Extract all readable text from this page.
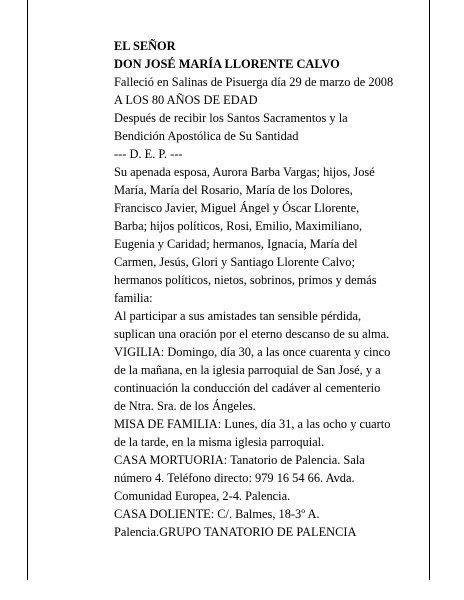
EL SEÑOR

DON JOSÉ MARÍA LLORENTE CALVO

Falleció en Salinas de Pisuerga día 29 de marzo de 2008

A LOS 80 AÑOS DE EDAD

Después de recibir los Santos Sacramentos y la

Bendición Apostólica de Su Santidad

--- D. E. P. ---

Su apenada esposa, Aurora Barba Vargas; hijos, José

María, María del Rosario, María de los Dolores,

Francisco Javier, Miguel Ángel y Óscar Llorente,

Barba; hijos políticos, Rosi, Emilio, Maximiliano,

Eugenia y Caridad; hermanos, Ignacia, María del

Carmen, Jesús, Glori y Santiago Llorente Calvo;

hermanos políticos, nietos, sobrinos, primos y demás

familia:

Al participar a sus amistades tan sensible pérdida,

suplican una oración por el eterno descanso de su alma.

VIGILIA: Domingo, día 30, a las once cuarenta y cinco

de la mañana, en la iglesia parroquial de San José, y a

continuación la conducción del cadáver al cementerio

de Ntra. Sra. de los Ángeles.

MISA DE FAMILIA: Lunes, día 31, a las ocho y cuarto

de la tarde, en la misma iglesia parroquial.

CASA MORTUORIA: Tanatorio de Palencia. Sala

número 4. Teléfono directo: 979 16 54 66. Avda.

Comunidad Europea, 2-4. Palencia.

CASA DOLIENTE: C/. Balmes, 18-3º A.

Palencia.GRUPO TANATORIO DE PALENCIA
